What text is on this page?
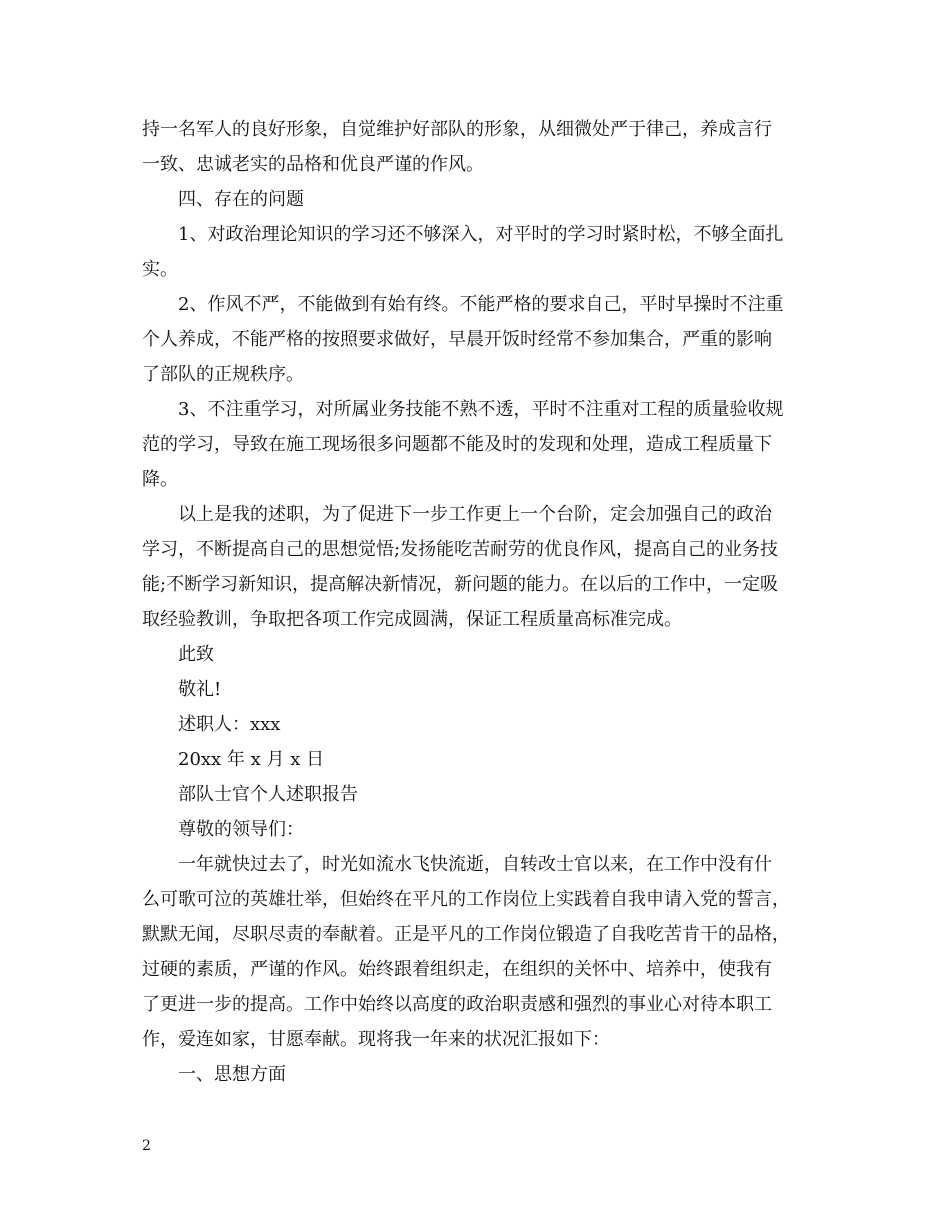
持一名军人的良好形象，自觉维护好部队的形象，从细微处严于律己，养成言行
一致、忠诚老实的品格和优良严谨的作风。

四、存在的问题

1、对政治理论知识的学习还不够深入，对平时的学习时紧时松，不够全面扎
实。

2、作风不严，不能做到有始有终。不能严格的要求自己，平时早操时不注重
个人养成，不能严格的按照要求做好，早晨开饭时经常不参加集合，严重的影响
了部队的正规秩序。

3、不注重学习，对所属业务技能不熟不透，平时不注重对工程的质量验收规
范的学习，导致在施工现场很多问题都不能及时的发现和处理，造成工程质量下
降。

以上是我的述职，为了促进下一步工作更上一个台阶，定会加强自己的政治
学习，不断提高自己的思想觉悟;发扬能吃苦耐劳的优良作风，提高自己的业务技
能;不断学习新知识，提高解决新情况，新问题的能力。在以后的工作中，一定吸
取经验教训，争取把各项工作完成圆满，保证工程质量高标准完成。

此致

敬礼!

述职人：xxx

20xx 年 x 月 x 日

部队士官个人述职报告

尊敬的领导们：

一年就快过去了，时光如流水飞快流逝，自转改士官以来，在工作中没有什
么可歌可泣的英雄壮举，但始终在平凡的工作岗位上实践着自我申请入党的誓言，
默默无闻，尽职尽责的奉献着。正是平凡的工作岗位锻造了自我吃苦肯干的品格，
过硬的素质，严谨的作风。始终跟着组织走，在组织的关怀中、培养中，使我有
了更进一步的提高。工作中始终以高度的政治职责感和强烈的事业心对待本职工
作，爱连如家，甘愿奉献。现将我一年来的状况汇报如下：

一、思想方面

2
